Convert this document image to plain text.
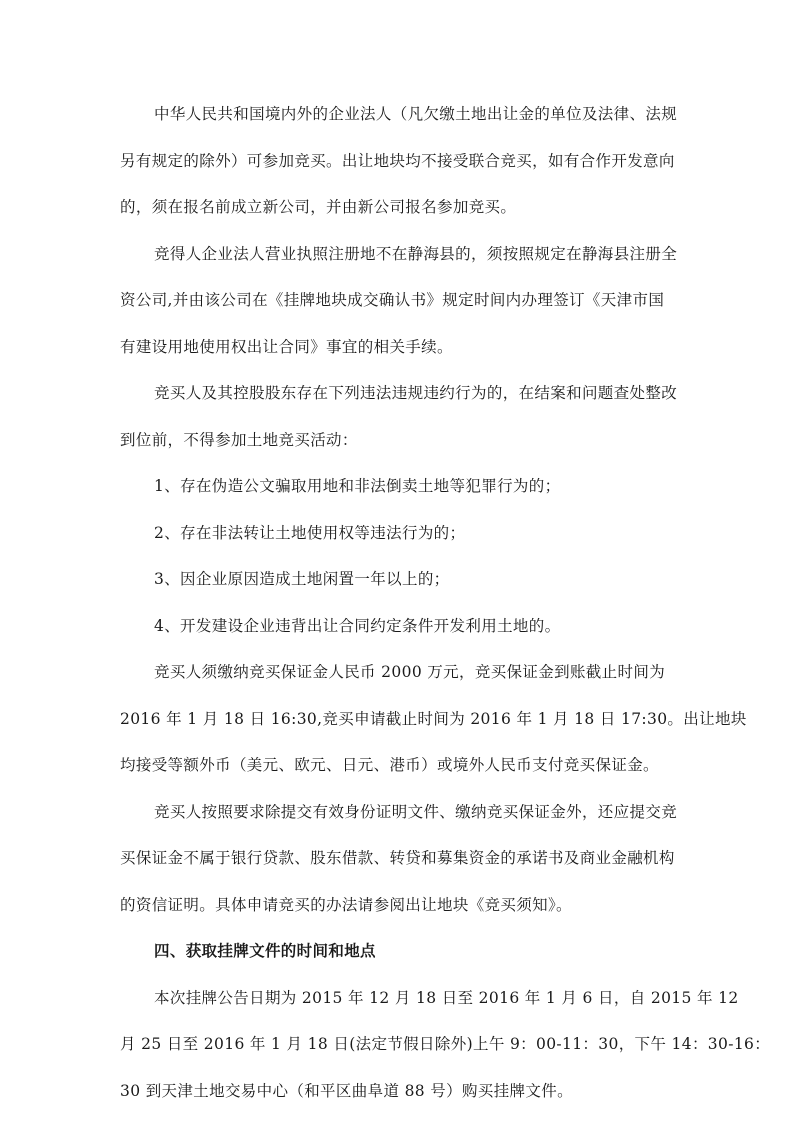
中华人民共和国境内外的企业法人（凡欠缴土地出让金的单位及法律、法规
另有规定的除外）可参加竞买。出让地块均不接受联合竞买，如有合作开发意向
的，须在报名前成立新公司，并由新公司报名参加竞买。
竞得人企业法人营业执照注册地不在静海县的，须按照规定在静海县注册全
资公司,并由该公司在《挂牌地块成交确认书》规定时间内办理签订《天津市国
有建设用地使用权出让合同》事宜的相关手续。
竞买人及其控股股东存在下列违法违规违约行为的，在结案和问题查处整改
到位前，不得参加土地竞买活动：
1、存在伪造公文骗取用地和非法倒卖土地等犯罪行为的；
2、存在非法转让土地使用权等违法行为的；
3、因企业原因造成土地闲置一年以上的；
4、开发建设企业违背出让合同约定条件开发利用土地的。
竞买人须缴纳竞买保证金人民币 2000 万元，竞买保证金到账截止时间为
2016 年 1 月 18 日 16:30,竞买申请截止时间为 2016 年 1 月 18 日 17:30。出让地块
均接受等额外币（美元、欧元、日元、港币）或境外人民币支付竞买保证金。
竞买人按照要求除提交有效身份证明文件、缴纳竞买保证金外，还应提交竞
买保证金不属于银行贷款、股东借款、转贷和募集资金的承诺书及商业金融机构
的资信证明。具体申请竞买的办法请参阅出让地块《竞买须知》。
四、获取挂牌文件的时间和地点
本次挂牌公告日期为 2015 年 12 月 18 日至 2016 年 1 月 6 日，自 2015 年 12
月 25 日至 2016 年 1 月 18 日(法定节假日除外)上午 9：00-11：30，下午 14：30-16：
30 到天津土地交易中心（和平区曲阜道 88 号）购买挂牌文件。
